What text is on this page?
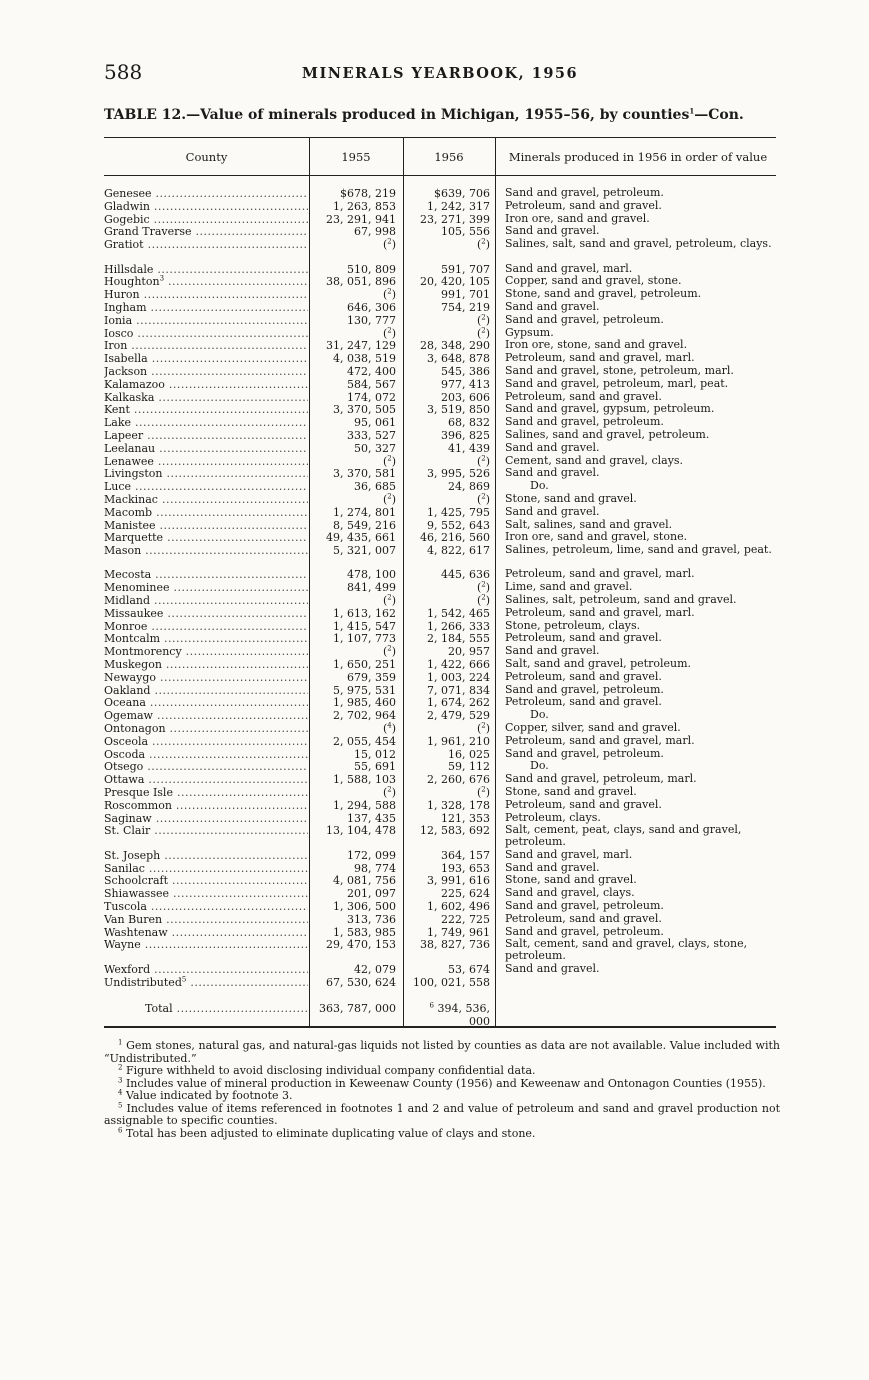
588	MINERALS YEARBOOK, 1956
TABLE 12.—Value of minerals produced in Michigan, 1955–56, by counties$^1$—Con.
County	1955	1956	Minerals produced in 1956 in order of value
Genesee .....	$678, 219	$639, 706 Sand and gravel, petroleum.
Gladwin .....	1, 263, 853	1, 242, 317 Petroleum, sand and gravel.
Gogebic .....	23, 291, 941	23, 271, 399 Iron ore, sand and gravel.
Grand Traverse .....	67, 998	105, 556 Sand and gravel.
Gratiot .....	($^2$)	($^2$) Salines, salt, sand and gravel, petroleum, clays.
Hillsdale .....	510, 809	591, 707 Sand and gravel, marl.
Houghton$^3$ .....	38, 051, 896	20, 420, 105 Copper, sand and gravel, stone.
Huron .....	($^2$)	991, 701 Stone, sand and gravel, petroleum.
Ingham .....	646, 306	754, 219 Sand and gravel.
Ionia .....	130, 777	($^2$) Sand and gravel, petroleum.
Iosco .....	($^2$)	($^2$) Gypsum.
Iron .....	31, 247, 129	28, 348, 290 Iron ore, stone, sand and gravel.
Isabella .....	4, 038, 519	3, 648, 878 Petroleum, sand and gravel, marl.
Jackson .....	472, 400	545, 386 Sand and gravel, stone, petroleum, marl.
Kalamazoo .....	584, 567	977, 413 Sand and gravel, petroleum, marl, peat.
Kalkaska .....	174, 072	203, 606 Petroleum, sand and gravel.
Kent .....	3, 370, 505	3, 519, 850 Sand and gravel, gypsum, petroleum.
Lake .....	95, 061	68, 832 Sand and gravel, petroleum.
Lapeer .....	333, 527	396, 825 Salines, sand and gravel, petroleum.
Leelanau .....	50, 327	41, 439 Sand and gravel.
Lenawee .....	($^2$)	($^2$) Cement, sand and gravel, clays.
Livingston .....	3, 370, 581	3, 995, 526 Sand and gravel.
Luce .....	36, 685	24, 869	Do.
Mackinac .....	($^2$)	($^2$) Stone, sand and gravel.
Macomb .....	1, 274, 801	1, 425, 795 Sand and gravel.
Manistee .....	8, 549, 216	9, 552, 643 Salt, salines, sand and gravel.
Marquette .....	49, 435, 661	46, 216, 560 Iron ore, sand and gravel, stone.
Mason .....	5, 321, 007	4, 822, 617 Salines, petroleum, lime, sand and gravel, peat.
Mecosta .....	478, 100	445, 636 Petroleum, sand and gravel, marl.
Menominee .....	841, 499	($^2$) Lime, sand and gravel.
Midland .....	($^2$)	($^2$) Salines, salt, petroleum, sand and gravel.
Missaukee .....	1, 613, 162	1, 542, 465 Petroleum, sand and gravel, marl.
Monroe .....	1, 415, 547	1, 266, 333 Stone, petroleum, clays.
Montcalm .....	1, 107, 773	2, 184, 555 Petroleum, sand and gravel.
Montmorency .....	($^2$)	20, 957 Sand and gravel.
Muskegon .....	1, 650, 251	1, 422, 666 Salt, sand and gravel, petroleum.
Newaygo .....	679, 359	1, 003, 224 Petroleum, sand and gravel.
Oakland .....	5, 975, 531	7, 071, 834 Sand and gravel, petroleum.
Oceana .....	1, 985, 460	1, 674, 262 Petroleum, sand and gravel.
Ogemaw .....	2, 702, 964	2, 479, 529	Do.
Ontonagon .....	($^4$)	($^2$) Copper, silver, sand and gravel.
Osceola .....	2, 055, 454	1, 961, 210 Petroleum, sand and gravel, marl.
Oscoda .....	15, 012	16, 025 Sand and gravel, petroleum.
Otsego .....	55, 691	59, 112	Do.
Ottawa .....	1, 588, 103	2, 260, 676 Sand and gravel, petroleum, marl.
Presque Isle .....	($^2$)	($^2$) Stone, sand and gravel.
Roscommon .....	1, 294, 588	1, 328, 178 Petroleum, sand and gravel.
Saginaw .....	137, 435	121, 353 Petroleum, clays.
St. Clair .....	13, 104, 478	12, 583, 692 Salt, cement, peat, clays, sand and gravel, petroleum.
St. Joseph .....	172, 099	364, 157 Sand and gravel, marl.
Sanilac .....	98, 774	193, 653 Sand and gravel.
Schoolcraft .....	4, 081, 756	3, 991, 616 Stone, sand and gravel.
Shiawassee .....	201, 097	225, 624 Sand and gravel, clays.
Tuscola .....	1, 306, 500	1, 602, 496 Sand and gravel, petroleum.
Van Buren .....	313, 736	222, 725 Petroleum, sand and gravel.
Washtenaw .....	1, 583, 985	1, 749, 961 Sand and gravel, petroleum.
Wayne .....	29, 470, 153	38, 827, 736 Salt, cement, sand and gravel, clays, stone, petroleum.
Wexford .....	42, 079	53, 674 Sand and gravel.
Undistributed$^5$ .....	67, 530, 624	100, 021, 558
Total .....	363, 787, 000	$^6$ 394, 536, 000

$^1$ Gem stones, natural gas, and natural-gas liquids not listed by counties as data are not available. Value included with “Undistributed.”

$^2$ Figure withheld to avoid disclosing individual company confidential data.

$^3$ Includes value of mineral production in Keweenaw County (1956) and Keweenaw and Ontonagon Counties (1955).

$^4$ Value indicated by footnote 3.

$^5$ Includes value of items referenced in footnotes 1 and 2 and value of petroleum and sand and gravel production not assignable to specific counties.

$^6$ Total has been adjusted to eliminate duplicating value of clays and stone.
